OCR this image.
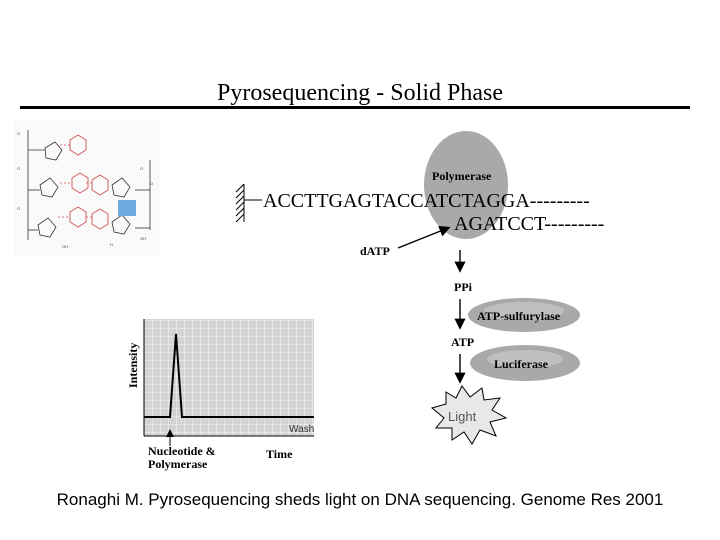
Pyrosequencing - Solid Phase
O
O
O
O
O
OH
OH	H
Polymerase
ACCTTGAGTACCATCTAGGA---------
AGATCCT---------
dATP
PPi
ATP-sulfurylase
ATP
Luciferase
Light
Wash
Intensity
Time
Nucleotide &
Polymerase
Ronaghi M. Pyrosequencing sheds light on DNA sequencing. Genome Res 2001
